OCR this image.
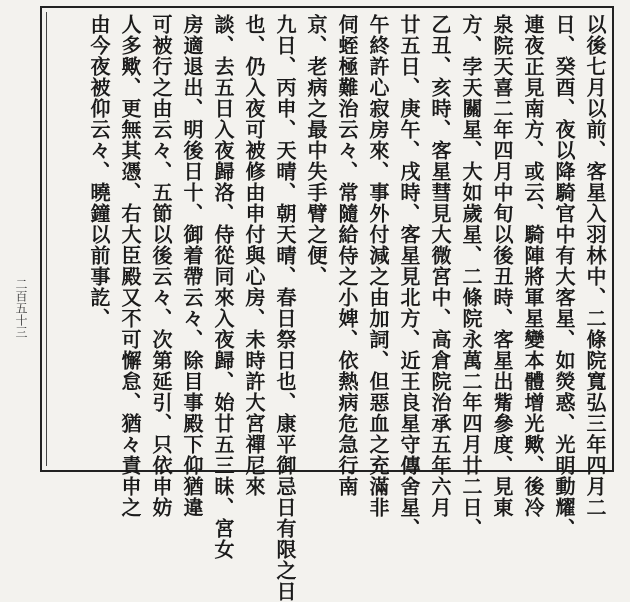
以後七月以前、客星入羽林中、二條院寬弘三年四月二
日、癸酉、夜以降騎官中有大客星、如熒惑、光明動耀、
連夜正見南方、或云、騎陣將軍星變本體增光歟、後冷
泉院天喜二年四月中旬以後丑時、客星出觜參度、見東
方、孛天關星、大如歲星、二條院永萬二年四月廿二日、
乙丑、亥時、客星彗見大微宮中、高倉院治承五年六月
廿五日、庚午、戌時、客星見北方、近王良星守傳舍星、
午終許心寂房來、事外付減之由加詞、但惡血之充滿非
伺蛭極難治云々、常隨給侍之小婢、依熱病危急行南
京、老病之最中失手臂之便、
九日、丙申、天晴、朝天晴、春日祭日也、康平御忌日有限之日
也、仍入夜可被修由申付與心房、未時許大宮禪尼來
談、去五日入夜歸洛、侍從同來入夜歸、始廿五三昧、宮女
房適退出、明後日十、御着帶云々、除目事殿下仰猶違
可被行之由云々、五節以後云々、次第延引、只依申妨
人多歟、更無其憑、右大臣殿又不可懈怠、猶々責申之
由今夜被仰云々、曉鐘以前事訖、
二百五十三
